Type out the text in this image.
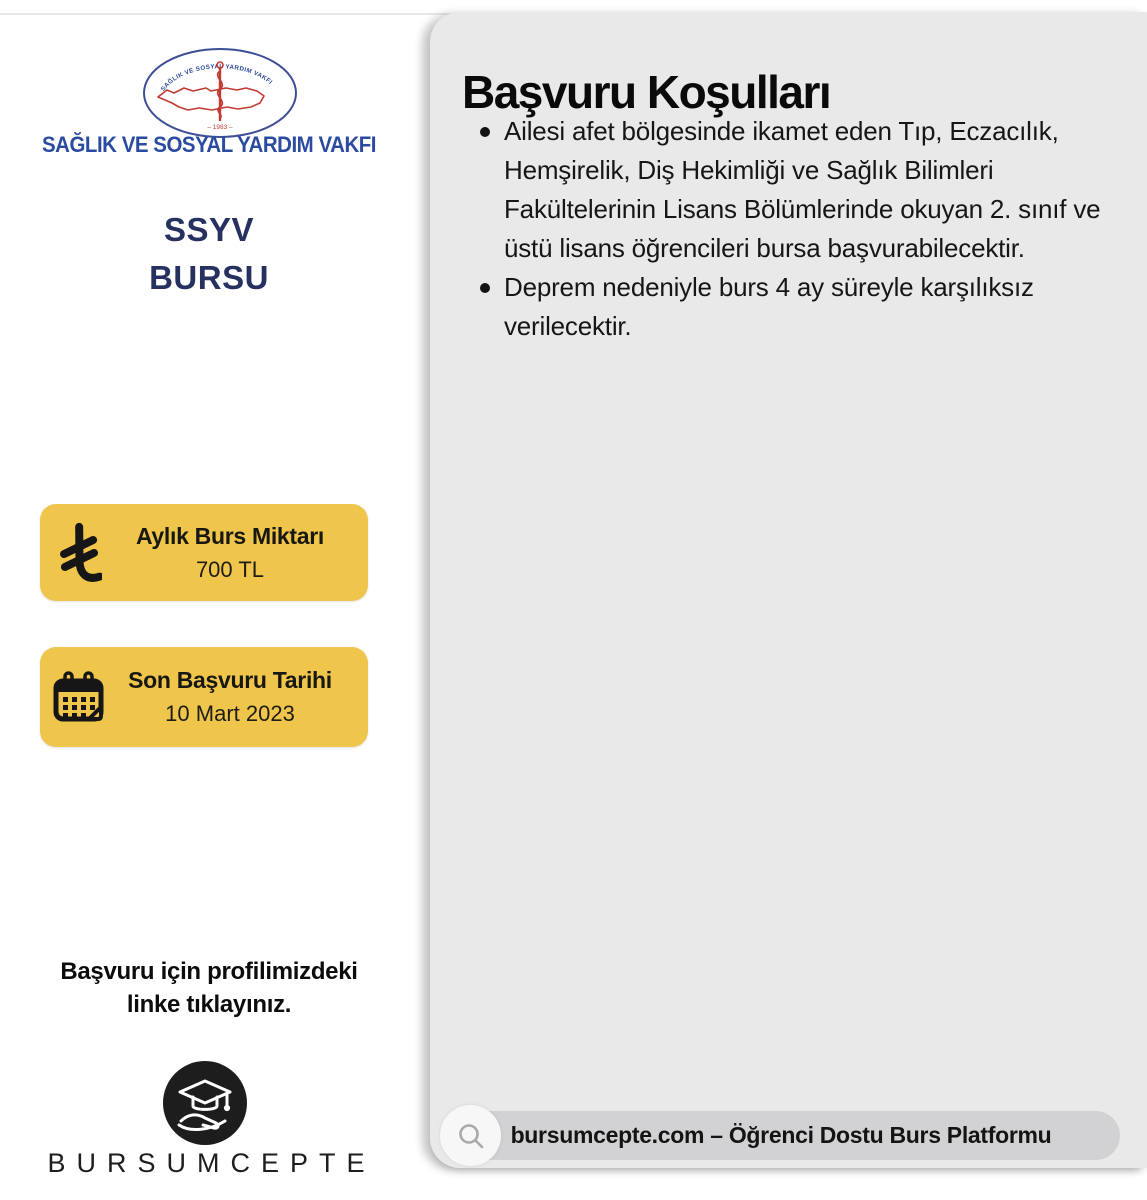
SAĞLIK VE SOSYAL YARDIM VAKFI
– 1983 –
SAĞLIK VE SOSYAL YARDIM VAKFI
SSYV
BURSU
Aylık Burs Miktarı
700 TL
Son Başvuru Tarihi
10 Mart 2023
Başvuru için profilimizdeki
linke tıklayınız.
BURSUMCEPTE
Başvuru Koşulları
Ailesi afet bölgesinde ikamet eden Tıp, Eczacılık, Hemşirelik, Diş Hekimliği ve Sağlık Bilimleri Fakültelerinin Lisans Bölümlerinde okuyan 2. sınıf ve üstü lisans öğrencileri bursa başvurabilecektir.
Deprem nedeniyle burs 4 ay süreyle karşılıksız verilecektir.
bursumcepte.com – Öğrenci Dostu Burs Platformu
